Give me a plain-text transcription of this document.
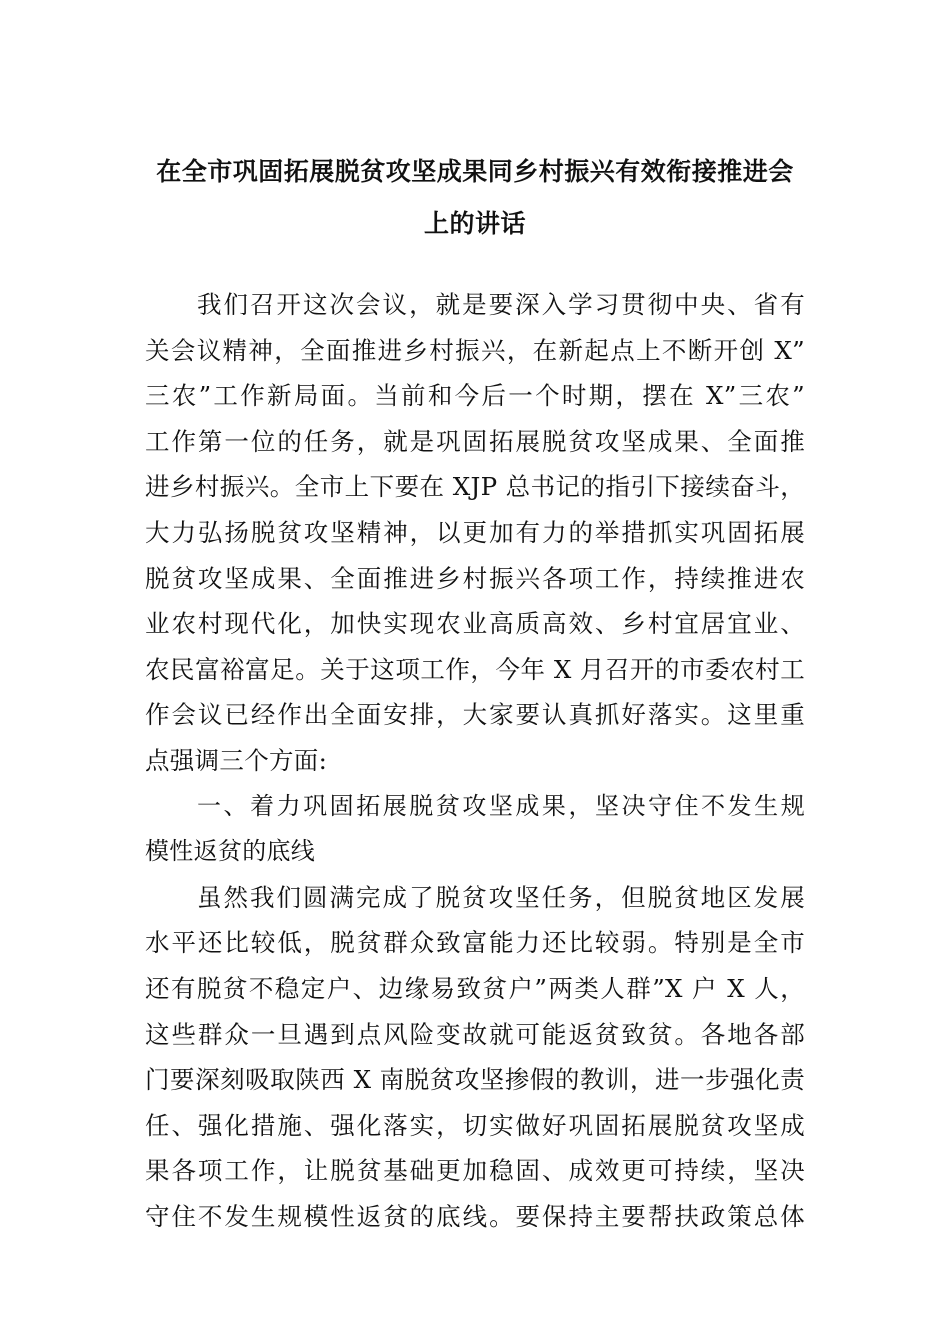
在全市巩固拓展脱贫攻坚成果同乡村振兴有效衔接推进会
上的讲话
我们召开这次会议，就是要深入学习贯彻中央、省有
关会议精神，全面推进乡村振兴，在新起点上不断开创 X”
三农”工作新局面。当前和今后一个时期，摆在 X”三农”
工作第一位的任务，就是巩固拓展脱贫攻坚成果、全面推
进乡村振兴。全市上下要在 XJP 总书记的指引下接续奋斗，
大力弘扬脱贫攻坚精神，以更加有力的举措抓实巩固拓展
脱贫攻坚成果、全面推进乡村振兴各项工作，持续推进农
业农村现代化，加快实现农业高质高效、乡村宜居宜业、
农民富裕富足。关于这项工作，今年 X 月召开的市委农村工
作会议已经作出全面安排，大家要认真抓好落实。这里重
点强调三个方面:
一、着力巩固拓展脱贫攻坚成果，坚决守住不发生规
模性返贫的底线
虽然我们圆满完成了脱贫攻坚任务，但脱贫地区发展
水平还比较低，脱贫群众致富能力还比较弱。特别是全市
还有脱贫不稳定户、边缘易致贫户”两类人群”X 户 X 人，
这些群众一旦遇到点风险变故就可能返贫致贫。各地各部
门要深刻吸取陕西 X 南脱贫攻坚掺假的教训，进一步强化责
任、强化措施、强化落实，切实做好巩固拓展脱贫攻坚成
果各项工作，让脱贫基础更加稳固、成效更可持续，坚决
守住不发生规模性返贫的底线。要保持主要帮扶政策总体
